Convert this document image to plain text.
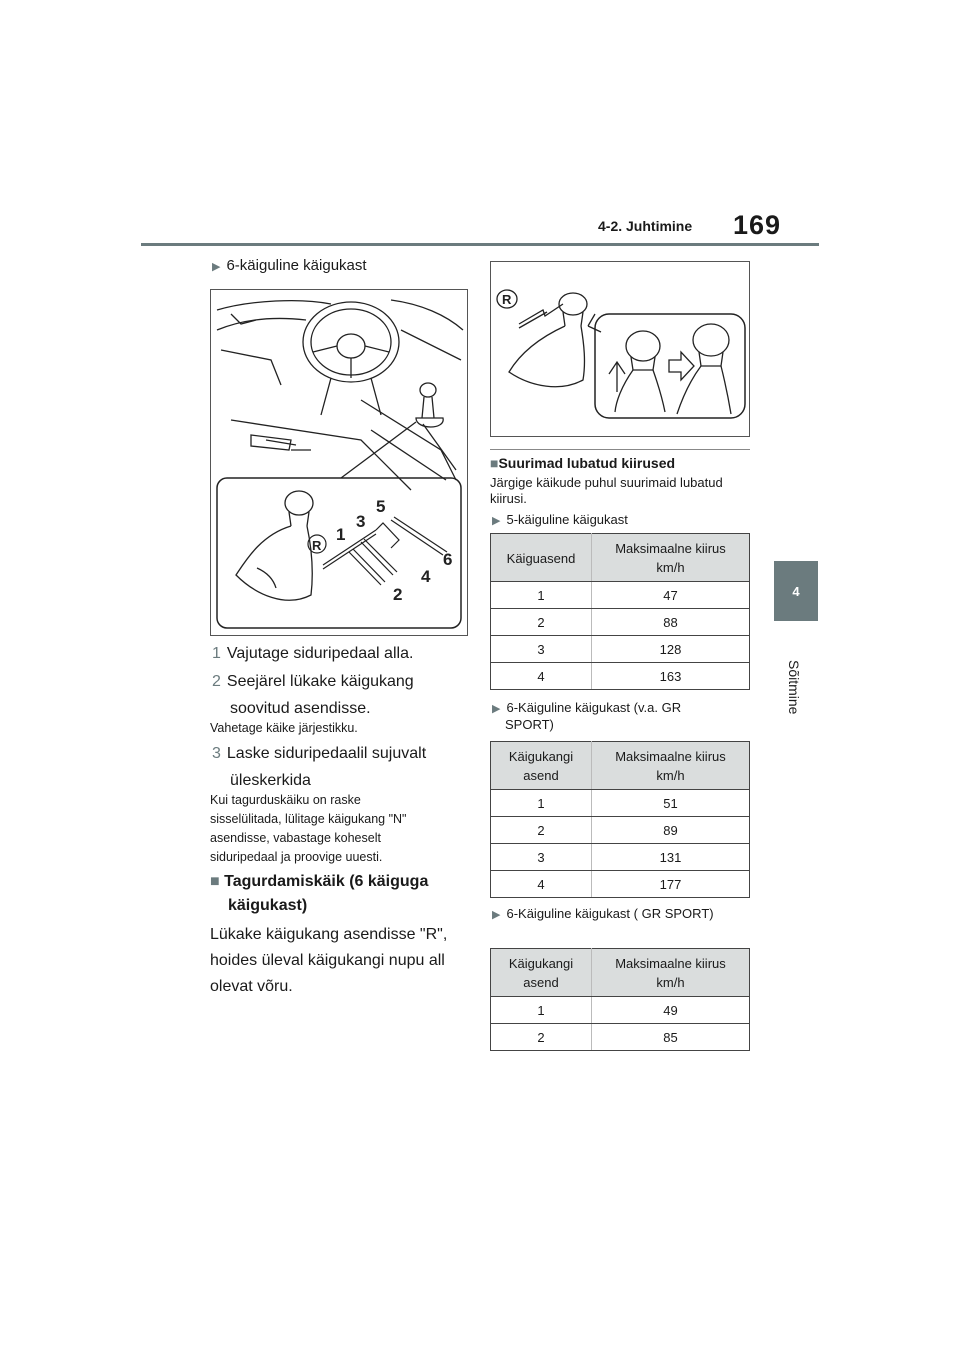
4-2. Juhtimine 169
4
Sõitmine
▶ 6-käiguline käigukast
R
1
3
5
2
4
6
1 Vajutage siduripedaal alla.
2 Seejärel lükake käigukang
soovitud asendisse.
Vahetage käike järjestikku.
3 Laske siduripedaalil sujuvalt
üleskerkida
Kui tagurduskäiku on raske
sisselülitada, lülitage käigukang "N"
asendisse, vabastage koheselt
siduripedaal ja proovige uuesti.
■ Tagurdamiskäik (6 käiguga
käigukast)
Lükake käigukang asendisse "R",
hoides üleval käigukangi nupu all
olevat võru.
R
■Suurimad lubatud kiirused
Järgige käikude puhul suurimaid lubatud
kiirusi.
▶ 5-käiguline käigukast
Käiguasend	Maksimaalne kiirus
km/h
1	47
2	88
3	128
4	163
▶ 6-Käiguline käigukast (v.a. GR
SPORT)
Käigukangi
asend	Maksimaalne kiirus
km/h
1	51
2	89
3	131
4	177
▶ 6-Käiguline käigukast ( GR SPORT)
Käigukangi
asend	Maksimaalne kiirus
km/h
1	49
2	85
